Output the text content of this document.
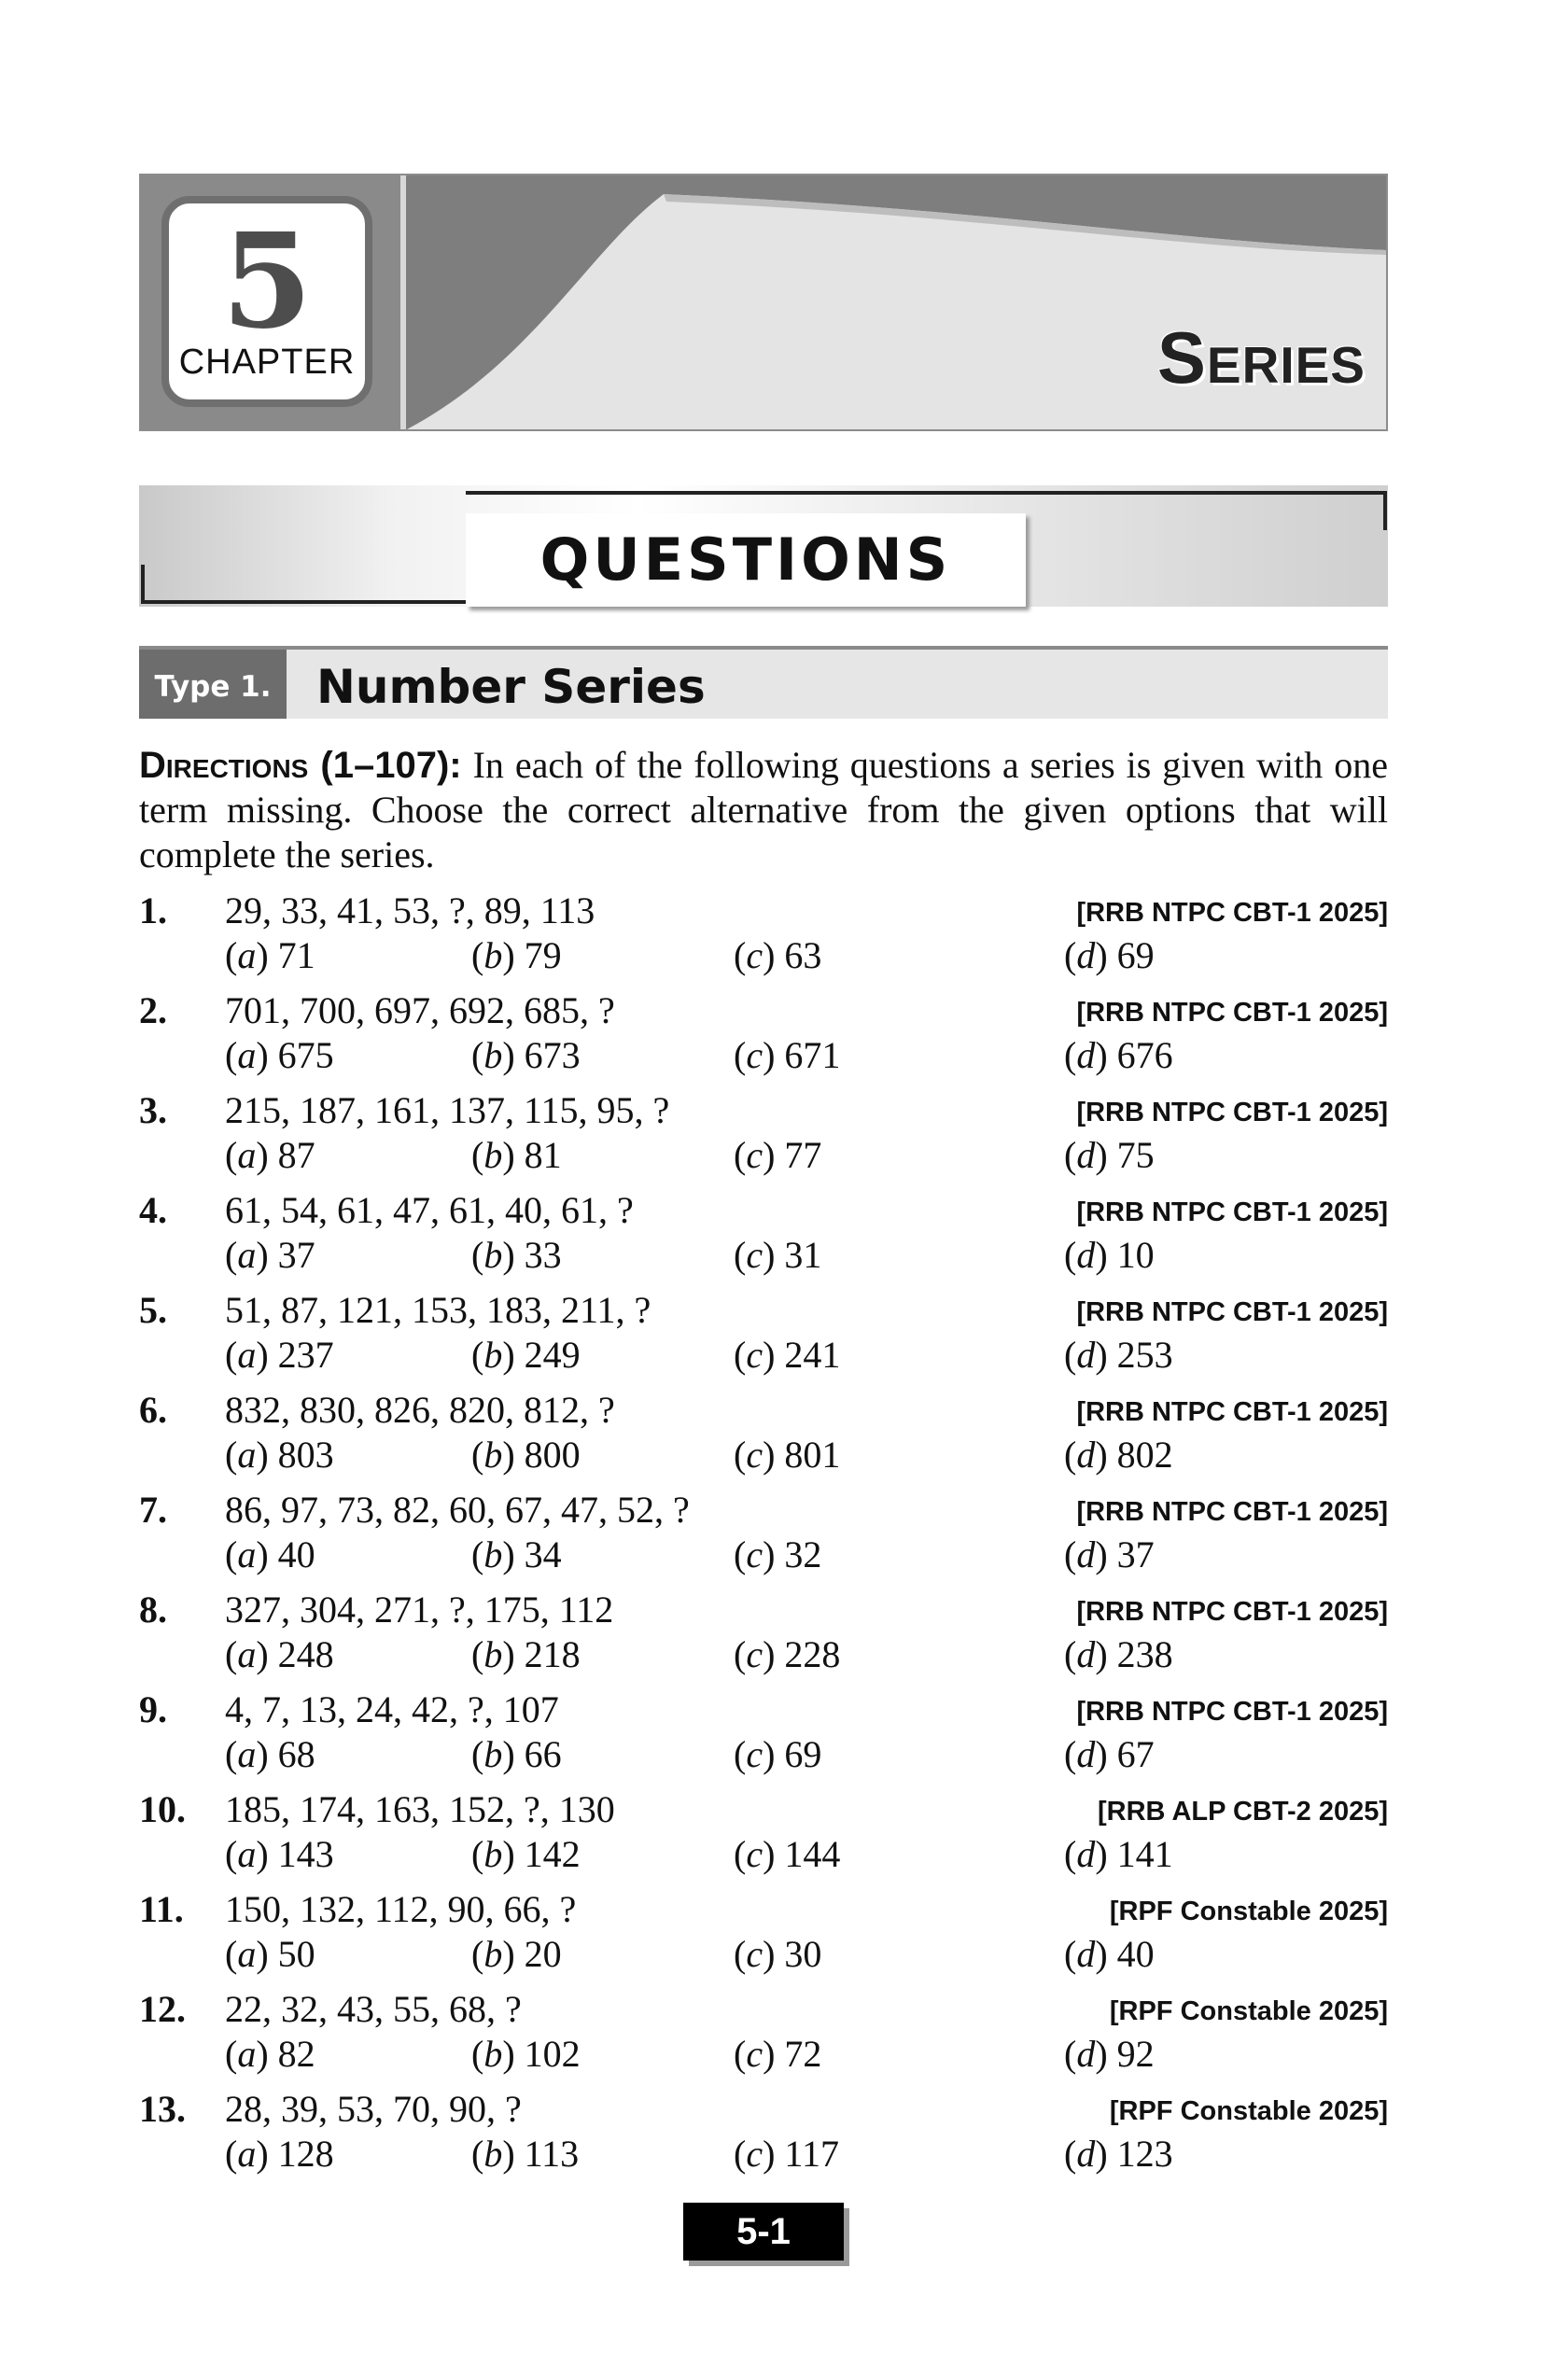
5
CHAPTER	Series
QUESTIONS
Type 1. Number Series
Directions (1–107): In each of the following questions a series is given with one term missing. Choose the correct alternative from the given options that will complete the series.
1. 29, 33, 41, 53, ?, 89, 113	[RRB NTPC CBT-1 2025]
(a) 71	(b) 79	(c) 63	(d) 69
2. 701, 700, 697, 692, 685, ?	[RRB NTPC CBT-1 2025]
(a) 675	(b) 673	(c) 671	(d) 676
3. 215, 187, 161, 137, 115, 95, ?	[RRB NTPC CBT-1 2025]
(a) 87	(b) 81	(c) 77	(d) 75
4. 61, 54, 61, 47, 61, 40, 61, ?	[RRB NTPC CBT-1 2025]
(a) 37	(b) 33	(c) 31	(d) 10
5. 51, 87, 121, 153, 183, 211, ?	[RRB NTPC CBT-1 2025]
(a) 237	(b) 249	(c) 241	(d) 253
6. 832, 830, 826, 820, 812, ?	[RRB NTPC CBT-1 2025]
(a) 803	(b) 800	(c) 801	(d) 802
7. 86, 97, 73, 82, 60, 67, 47, 52, ?	[RRB NTPC CBT-1 2025]
(a) 40	(b) 34	(c) 32	(d) 37
8. 327, 304, 271, ?, 175, 112	[RRB NTPC CBT-1 2025]
(a) 248	(b) 218	(c) 228	(d) 238
9. 4, 7, 13, 24, 42, ?, 107	[RRB NTPC CBT-1 2025]
(a) 68	(b) 66	(c) 69	(d) 67
10. 185, 174, 163, 152, ?, 130	[RRB ALP CBT-2 2025]
(a) 143	(b) 142	(c) 144	(d) 141
11. 150, 132, 112, 90, 66, ?	[RPF Constable 2025]
(a) 50	(b) 20	(c) 30	(d) 40
12. 22, 32, 43, 55, 68, ?	[RPF Constable 2025]
(a) 82	(b) 102	(c) 72	(d) 92
13. 28, 39, 53, 70, 90, ?	[RPF Constable 2025]
(a) 128	(b) 113	(c) 117	(d) 123
5-1
